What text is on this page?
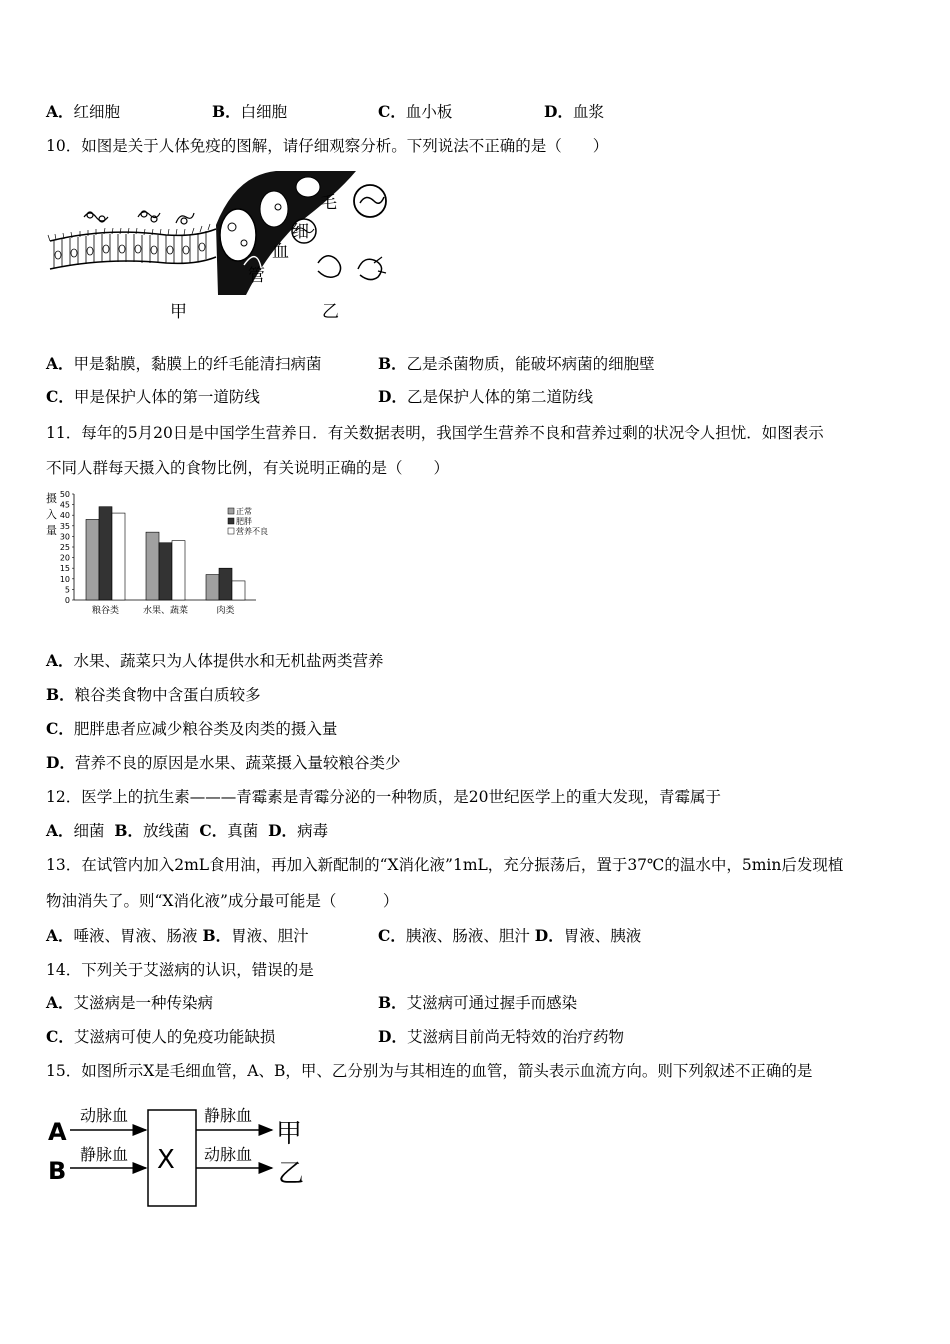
A．红细胞	B．白细胞	C．血小板	D．血浆
10．如图是关于人体免疫的图解，请仔细观察分析。下列说法不正确的是（　　）
毛
细
血
管
甲	乙
A．甲是黏膜，黏膜上的纤毛能清扫病菌	B．乙是杀菌物质，能破坏病菌的细胞壁
C．甲是保护人体的第一道防线	D．乙是保护人体的第二道防线
11．每年的5月20日是中国学生营养日．有关数据表明，我国学生营养不良和营养过剩的状况令人担忧．如图表示
不同人群每天摄入的食物比例，有关说明正确的是（　　）
摄
入
量
50
45
40
35
30
25
20
15
10
5
0
粮谷类	水果、蔬菜	肉类
正常
肥胖
营养不良
A．水果、蔬菜只为人体提供水和无机盐两类营养
B．粮谷类食物中含蛋白质较多
C．肥胖患者应减少粮谷类及肉类的摄入量
D．营养不良的原因是水果、蔬菜摄入量较粮谷类少
12．医学上的抗生素———青霉素是青霉分泌的一种物质，是20世纪医学上的重大发现，青霉属于
A．细菌 B．放线菌 C．真菌 D．病毒
13．在试管内加入2mL食用油，再加入新配制的“X消化液”1mL，充分振荡后，置于37℃的温水中，5min后发现植
物油消失了。则“X消化液”成分最可能是（　　　）
A．唾液、胃液、肠液 B．胃液、胆汁	C．胰液、肠液、胆汁 D．胃液、胰液
14．下列关于艾滋病的认识，错误的是
A．艾滋病是一种传染病	B．艾滋病可通过握手而感染
C．艾滋病可使人的免疫功能缺损	D．艾滋病目前尚无特效的治疗药物
15．如图所示X是毛细血管，A、B，甲、乙分别为与其相连的血管，箭头表示血流方向。则下列叙述不正确的是
A
B
动脉血
静脉血 X
静脉血
动脉血
甲
乙
